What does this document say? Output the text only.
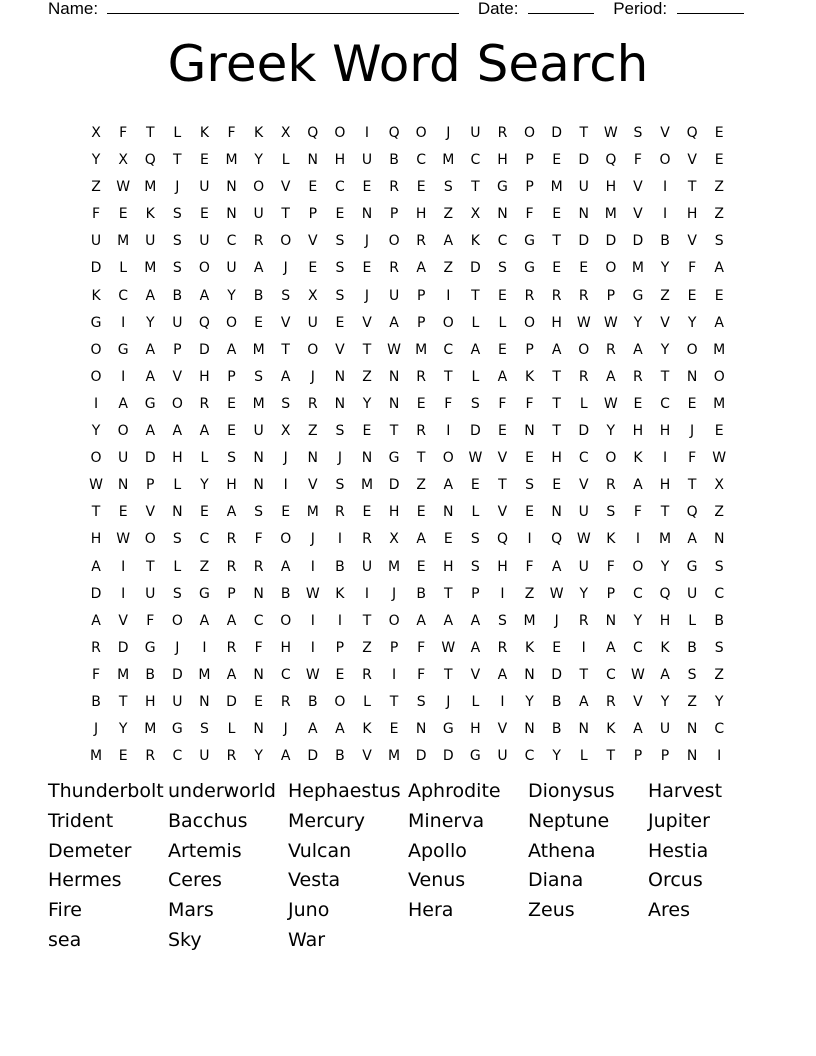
Name:	Date:	Period:
Greek Word Search
X F T L K F K X Q O I Q O J U R O D T W S V Q E
Y X Q T E M Y L N H U B C M C H P E D Q F O V E
Z W M J U N O V E C E R E S T G P M U H V I T Z
F E K S E N U T P E N P H Z X N F E N M V I H Z
U M U S U C R O V S J O R A K C G T D D D B V S
D L M S O U A J E S E R A Z D S G E E O M Y F A
K C A B A Y B S X S J U P I T E R R R P G Z E E
G I Y U Q O E V U E V A P O L L O H W W Y V Y A
O G A P D A M T O V T W M C A E P A O R A Y O M
O I A V H P S A J N Z N R T L A K T R A R T N O
I A G O R E M S R N Y N E F S F F T L W E C E M
Y O A A A E U X Z S E T R I D E N T D Y H H J E
O U D H L S N J N J N G T O W V E H C O K I F W
W N P L Y H N I V S M D Z A E T S E V R A H T X
T E V N E A S E M R E H E N L V E N U S F T Q Z
H W O S C R F O J I R X A E S Q I Q W K I M A N
A I T L Z R R A I B U M E H S H F A U F O Y G S
D I U S G P N B W K I J B T P I Z W Y P C Q U C
A V F O A A C O I I T O A A A S M J R N Y H L B
R D G J I R F H I P Z P F W A R K E I A C K B S
F M B D M A N C W E R I F T V A N D T C W A S Z
B T H U N D E R B O L T S J L I Y B A R V Y Z Y
J Y M G S L N J A A K E N G H V N B N K A U N C
M E R C U R Y A D B V M D D G U C Y L T P P N I
Thunderbolt underworld Hephaestus Aphrodite Dionysus Harvest
Trident	Bacchus Mercury Minerva Neptune Jupiter
Demeter Artemis Vulcan	Apollo	Athena	Hestia
Hermes Ceres	Vesta	Venus	Diana	Orcus
Fire	Mars	Juno	Hera	Zeus	Ares
sea	Sky	War
